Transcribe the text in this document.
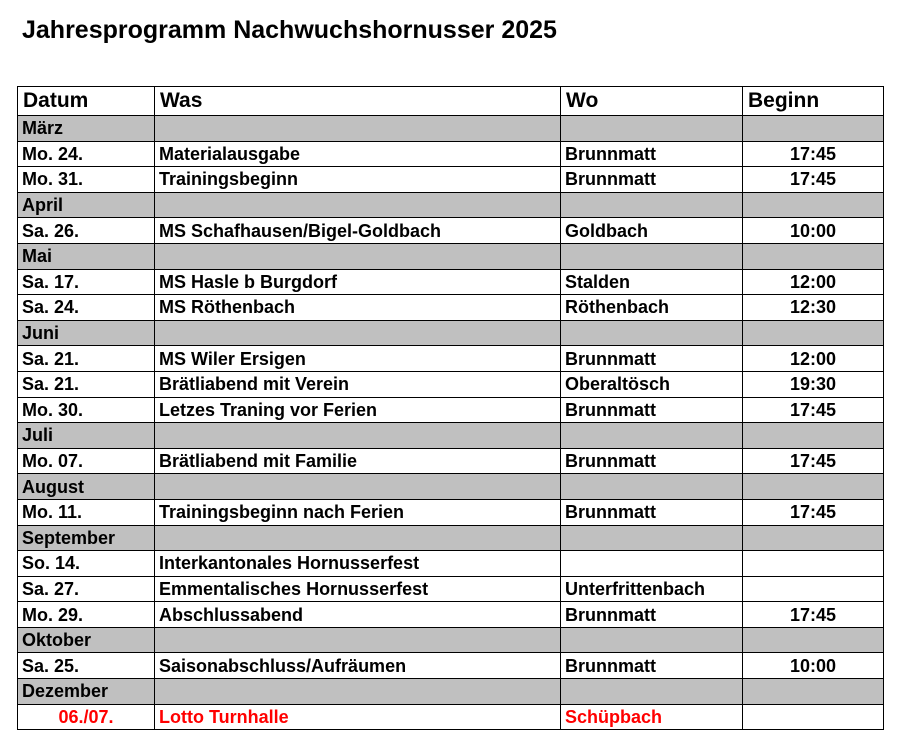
Jahresprogramm Nachwuchshornusser 2025
Datum	Was	Wo	Beginn
März			
Mo. 24.	Materialausgabe	Brunnmatt	17:45
Mo. 31.	Trainingsbeginn	Brunnmatt	17:45
April			
Sa. 26.	MS Schafhausen/Bigel-Goldbach	Goldbach	10:00
Mai			
Sa. 17.	MS Hasle b Burgdorf	Stalden	12:00
Sa. 24.	MS Röthenbach	Röthenbach	12:30
Juni			
Sa. 21.	MS Wiler Ersigen	Brunnmatt	12:00
Sa. 21.	Brätliabend mit Verein	Oberaltösch	19:30
Mo. 30.	Letzes Traning vor Ferien	Brunnmatt	17:45
Juli			
Mo. 07.	Brätliabend mit Familie	Brunnmatt	17:45
August			
Mo. 11.	Trainingsbeginn nach Ferien	Brunnmatt	17:45
September			
So. 14.	Interkantonales Hornusserfest		
Sa. 27.	Emmentalisches Hornusserfest	Unterfrittenbach	
Mo. 29.	Abschlussabend	Brunnmatt	17:45
Oktober			
Sa. 25.	Saisonabschluss/Aufräumen	Brunnmatt	10:00
Dezember			
06./07.	Lotto Turnhalle	Schüpbach	
